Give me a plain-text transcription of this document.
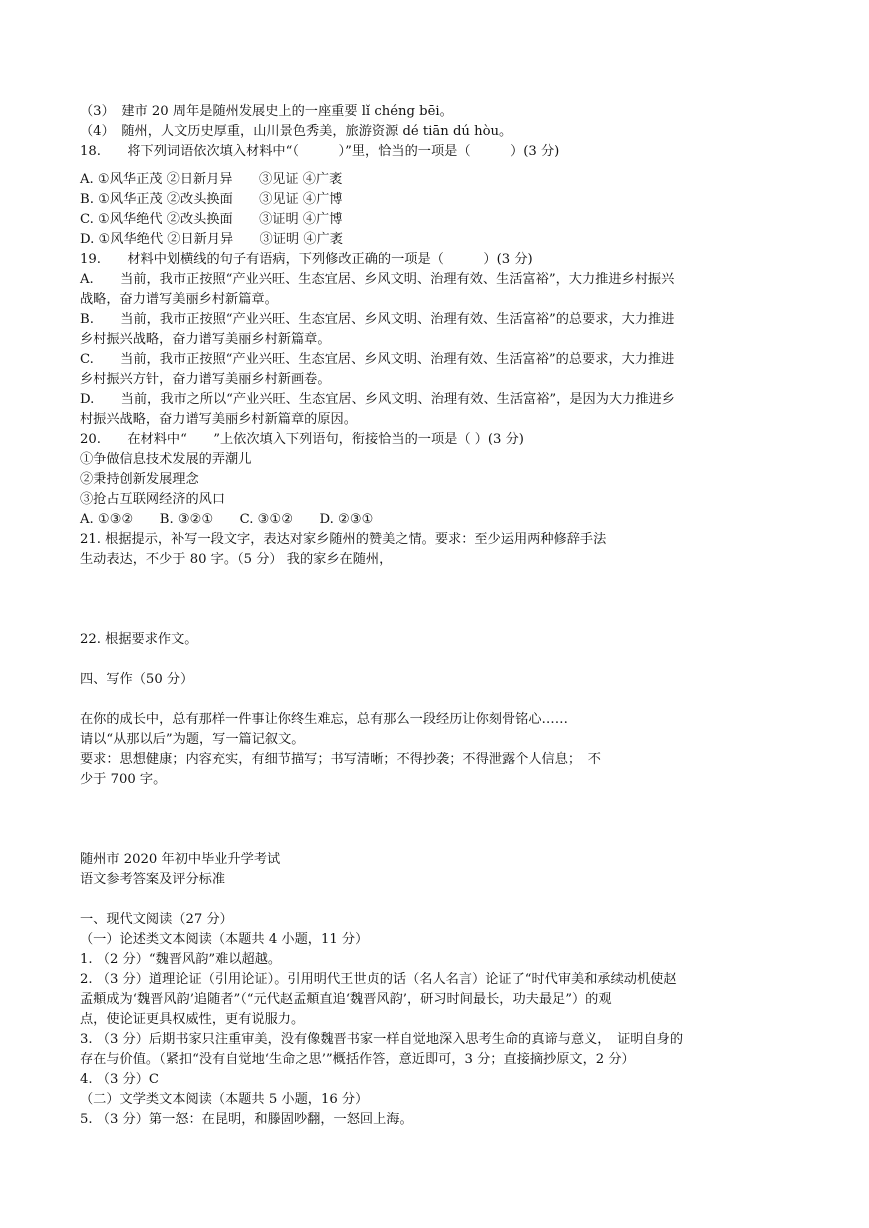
（3）　建市 20 周年是随州发展史上的一座重要 lǐ chéng bēi。
（4）　随州，人文历史厚重，山川景色秀美，旅游资源 dé tiān dú hòu。
18.　　将下列词语依次填入材料中“（　　　）”里，恰当的一项是（　　　）(3 分)
A. ①风华正茂 ②日新月异　　③见证 ④广袤
B. ①风华正茂 ②改头换面　　③见证 ④广博
C. ①风华绝代 ②改头换面　　③证明 ④广博
D. ①风华绝代 ②日新月异　　③证明 ④广袤
19.　　材料中划横线的句子有语病，下列修改正确的一项是（　　　）(3 分)
A.　　当前，我市正按照“产业兴旺、生态宜居、乡风文明、治理有效、生活富裕”，大力推进乡村振兴
战略，奋力谱写美丽乡村新篇章。
B.　　当前，我市正按照“产业兴旺、生态宜居、乡风文明、治理有效、生活富裕”的总要求，大力推进
乡村振兴战略，奋力谱写美丽乡村新篇章。
C.　　当前，我市正按照“产业兴旺、生态宜居、乡风文明、治理有效、生活富裕”的总要求，大力推进
乡村振兴方针，奋力谱写美丽乡村新画卷。
D.　　当前，我市之所以“产业兴旺、生态宜居、乡风文明、治理有效、生活富裕”，是因为大力推进乡
村振兴战略，奋力谱写美丽乡村新篇章的原因。
20.　　在材料中“　　”上依次填入下列语句，衔接恰当的一项是（ ）(3 分)
①争做信息技术发展的弄潮儿
②秉持创新发展理念
③抢占互联网经济的风口
A. ①③②　　B. ③②①　　C. ③①②　　D. ②③①
21. 根据提示，补写一段文字，表达对家乡随州的赞美之情。要求：至少运用两种修辞手法
生动表达，不少于 80 字。（5 分） 我的家乡在随州，
22. 根据要求作文。
四、写作（50 分）
在你的成长中，总有那样一件事让你终生难忘，总有那么一段经历让你刻骨铭心……
请以“从那以后”为题，写一篇记叙文。
要求：思想健康；内容充实，有细节描写；书写清晰；不得抄袭；不得泄露个人信息；　不
少于 700 字。
随州市 2020 年初中毕业升学考试
语文参考答案及评分标准
一、现代文阅读（27 分）
（一）论述类文本阅读（本题共 4 小题，11 分）
1. （2 分）“魏晋风韵”难以超越。
2. （3 分）道理论证（引用论证）。引用明代王世贞的话（名人名言）论证了“时代审美和承续动机使赵
孟頫成为‘魏晋风韵’追随者”（“元代赵孟頫直追‘魏晋风韵’，研习时间最长，功夫最足”）的观
点，使论证更具权威性，更有说服力。
3. （3 分）后期书家只注重审美，没有像魏晋书家一样自觉地深入思考生命的真谛与意义，　证明自身的
存在与价值。（紧扣“没有自觉地‘生命之思’”概括作答，意近即可，3 分；直接摘抄原文，2 分）
4. （3 分）C
（二）文学类文本阅读（本题共 5 小题，16 分）
5. （3 分）第一怒：在昆明，和滕固吵翻，一怒回上海。
